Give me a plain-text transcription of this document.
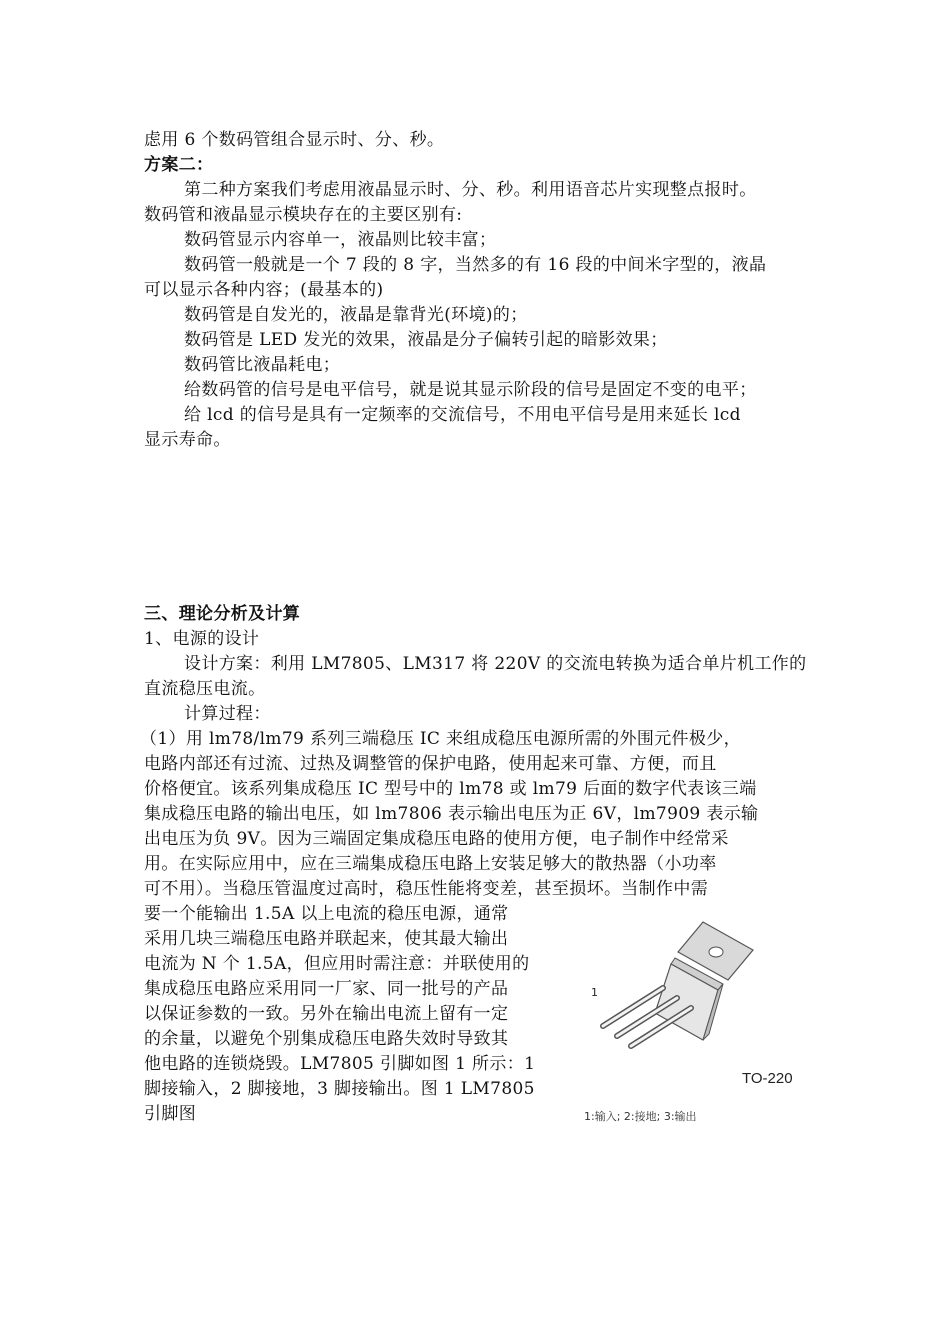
虑用 6 个数码管组合显示时、分、秒。

方案二：

第二种方案我们考虑用液晶显示时、分、秒。利用语音芯片实现整点报时。

数码管和液晶显示模块存在的主要区别有:

数码管显示内容单一，液晶则比较丰富；

数码管一般就是一个 7 段的 8 字，当然多的有 16 段的中间米字型的，液晶

可以显示各种内容；(最基本的)

数码管是自发光的，液晶是靠背光(环境)的；

数码管是 LED 发光的效果，液晶是分子偏转引起的暗影效果；

数码管比液晶耗电；

给数码管的信号是电平信号，就是说其显示阶段的信号是固定不变的电平；

给 lcd 的信号是具有一定频率的交流信号，不用电平信号是用来延长 lcd

显示寿命。

三、理论分析及计算

1、电源的设计

设计方案：利用 LM7805、LM317 将 220V 的交流电转换为适合单片机工作的

直流稳压电流。

计算过程：

（1）用 lm78/lm79 系列三端稳压 IC 来组成稳压电源所需的外围元件极少，

电路内部还有过流、过热及调整管的保护电路，使用起来可靠、方便，而且

价格便宜。该系列集成稳压 IC 型号中的 lm78 或 lm79 后面的数字代表该三端

集成稳压电路的输出电压，如 lm7806 表示输出电压为正 6V，lm7909 表示输

出电压为负 9V。因为三端固定集成稳压电路的使用方便，电子制作中经常采

用。在实际应用中，应在三端集成稳压电路上安装足够大的散热器（小功率

可不用）。当稳压管温度过高时，稳压性能将变差，甚至损坏。当制作中需

要一个能输出 1.5A 以上电流的稳压电源，通常

采用几块三端稳压电路并联起来，使其最大输出

电流为 N 个 1.5A，但应用时需注意：并联使用的

集成稳压电路应采用同一厂家、同一批号的产品

以保证参数的一致。另外在输出电流上留有一定

的余量，以避免个别集成稳压电路失效时导致其

他电路的连锁烧毁。LM7805 引脚如图 1 所示：1

脚接输入，2 脚接地，3 脚接输出。图 1 LM7805

引脚图

1
TO-220
1:输入; 2:接地; 3:输出
